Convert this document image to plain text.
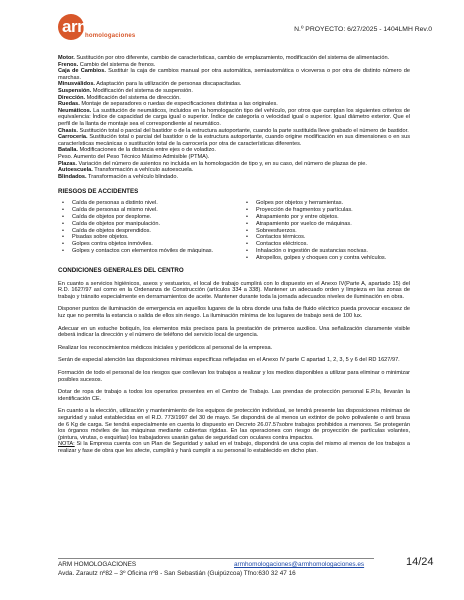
arm
homologaciones
N.º PROYECTO: 6/27/2025 - 1404LMH Rev.0

Motor. Sustitución por otro diferente, cambio de características, cambio de emplazamiento, modificación del sistema de alimentación.

Frenos. Cambio del sistema de frenos.

Caja de Cambios. Sustituir la caja de cambios manual por otra automática, semiautomática o viceversa o por otra de distinto número de marchas.

Minusválidos. Adaptación para la utilización de personas discapacitadas.

Suspensión. Modificación del sistema de suspensión.

Dirección. Modificación del sistema de dirección.

Ruedas. Montaje de separadores o ruedas de especificaciones distintas a las originales.

Neumáticos. La sustitución de neumáticos, incluidos en la homologación tipo del vehículo, por otros que cumplan los siguientes criterios de equivalencia: Índice de capacidad de carga igual o superior. Índice de categoría o velocidad igual o superior. Igual diámetro exterior. Que el perfil de la llanta de montaje sea el correspondiente al neumático.

Chasis. Sustitución total o parcial del bastidor o de la estructura autoportante, cuando la parte sustituida lleve grabado el número de bastidor.

Carrocería. Sustitución total o parcial del bastidor o de la estructura autoportante, cuando origine modificación en sus dimensiones o en sus características mecánicas o sustitución total de la carrocería por otra de características diferentes.

Batalla. Modificaciones de la distancia entre ejes o de voladizo.

Peso. Aumento del Peso Técnico Máximo Admisible (PTMA).

Plazas. Variación del número de asientos no incluida en la homologación de tipo y, en su caso, del número de plazas de pie.

Autoescuela. Transformación a vehículo autoescuela.

Blindados. Transformación a vehículo blindado.

RIESGOS DE ACCIDENTES
• Caída de personas a distinto nivel.
• Caída de personas al mismo nivel.
• Caída de objetos por desplome.
• Caída de objetos por manipulación.
• Caída de objetos desprendidos.
• Pisadas sobre objetos.
• Golpes contra objetos inmóviles.
• Golpes y contactos con elementos móviles de máquinas.
• Golpes por objetos y herramientas.
• Proyección de fragmentos y partículas.
• Atrapamiento por y entre objetos.
• Atrapamiento por vuelco de máquinas.
• Sobreesfuerzos.
• Contactos térmicos.
• Contactos eléctricos.
• Inhalación o ingestión de sustancias nocivas.
• Atropellos, golpes y choques con y contra vehículos.
CONDICIONES GENERALES DEL CENTRO

En cuanto a servicios higiénicos, aseos y vestuarios, el local de trabajo cumplirá con lo dispuesto en el Anexo IV(Parte A, apartado 15) del R.D. 1627/97 así como en la Ordenanza de Construcción (artículos 334 a 338). Mantener un adecuado orden y limpieza en las zonas de trabajo y tránsito especialmente en derramamientos de aceite. Mantener durante toda la jornada adecuados niveles de iluminación en obra.

Disponer puntos de iluminación de emergencia en aquellos lugares de la obra donde una falta de fluido eléctrico pueda provocar escasez de luz que no permita la estancia o salida de ellos sin riesgo. La iluminación mínima de los lugares de trabajo será de 100 lux.

Adecuar en un estuche botiquín, los elementos más precisos para la prestación de primeros auxilios. Una señalización claramente visible deberá indicar la dirección y el número de teléfono del servicio local de urgencia.

Realizar los reconocimientos médicos iniciales y periódicos al personal de la empresa.

Serán de especial atención las disposiciones mínimas específicas reflejadas en el Anexo IV parte C apartad 1, 2, 3, 5 y 6 del RD 1627/97.

Formación de todo el personal de los riesgos que conllevan los trabajos a realizar y los medios disponibles a utilizar para eliminar o minimizar posibles sucesos.

Dotar de ropa de trabajo a todos los operarios presentes en el Centro de Trabajo. Las prendas de protección personal E.P.Is, llevarán la identificación CE.

En cuanto a la elección, utilización y mantenimiento de los equipos de protección individual, se tendrá presente las disposiciones mínimas de seguridad y salud establecidas en el R.D. 773/1997 del 30 de mayo. Se dispondrá de al menos un extintor de polvo polivalente o anti brasa de 6 Kg de carga. Se tendrá especialmente en cuenta lo dispuesto en Decreto 26.07.57sobre trabajos prohibidos a menores. Se protegerán los órganos móviles de las máquinas mediante cubiertas rígidas. En las operaciones con riesgo de proyección de partículas volantes, (pintura, virutas, o esquirlas) los trabajadores usarán gafas de seguridad con oculares contra impactos.

NOTA: Si la Empresa cuenta con un Plan de Seguridad y salud en el trabajo, dispondrá de una copia del mismo al menos de los trabajos a realizar y fase de obra que les afecte, cumplirá y hará cumplir a su personal lo establecido en dicho plan.

ARM HOMOLOGACIONES	armhomologaciones@armhomologaciones.es
Avda. Zarautz nº82 – 3º Oficina nº8 - San Sebastián (Guipúzcoa) Tfno:630 32 47 16
14/24
